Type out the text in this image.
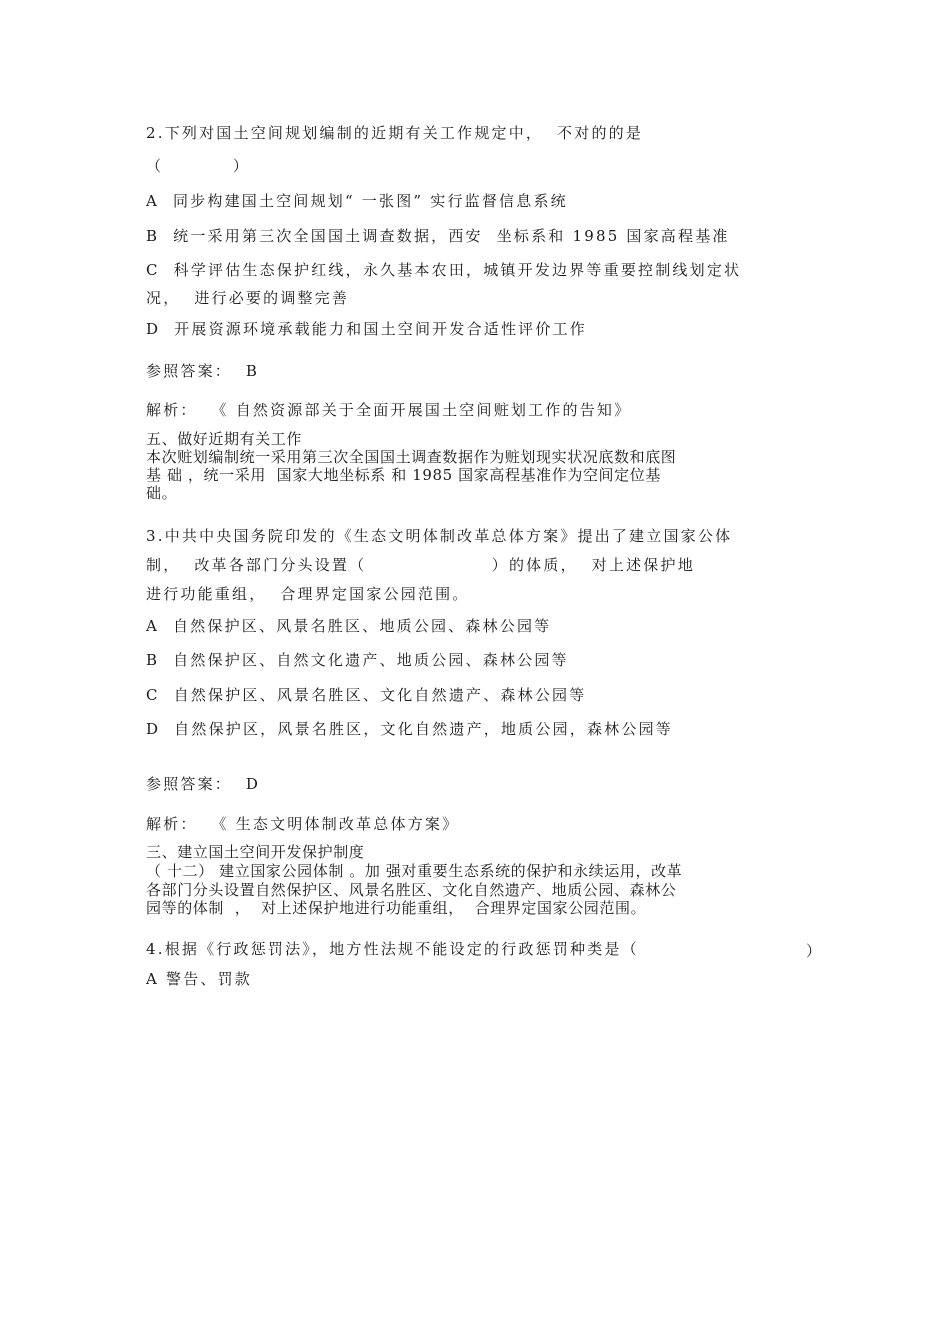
2.下列对国土空间规划编制的近期有关工作规定中，  不对的的是
（          ）
A  同步构建国土空间规划“ 一张图” 实行监督信息系统
B  统一采用第三次全国国土调查数据，西安  坐标系和 1985 国家高程基准
C  科学评估生态保护红线，永久基本农田，城镇开发边界等重要控制线划定状
况，  进行必要的调整完善
D  开展资源环境承载能力和国土空间开发合适性评价工作
参照答案：  B
解析：  《 自然资源部关于全面开展国土空间赃划工作的告知》
五、做好近期有关工作
本次赃划编制统一采用第三次全国国土调查数据作为赃划现实状况底数和底图
基 础 ，统一采用  国家大地坐标系 和 1985 国家高程基准作为空间定位基
础。
3.中共中央国务院印发的《生态文明体制改革总体方案》提出了建立国家公体
制，  改革各部门分头设置（                  ）的体质，  对上述保护地
进行功能重组，  合理界定国家公园范围。
A  自然保护区、风景名胜区、地质公园、森林公园等
B  自然保护区、自然文化遗产、地质公园、森林公园等
C  自然保护区、风景名胜区、文化自然遗产、森林公园等
D  自然保护区，风景名胜区，文化自然遗产，地质公园，森林公园等
参照答案：  D
解析：  《 生态文明体制改革总体方案》
三、建立国土空间开发保护制度
（ 十二） 建立国家公园体制 。加 强对重要生态系统的保护和永续运用，改革
各部门分头设置自然保护区、风景名胜区、文化自然遗产、地质公园、森林公
园等的体制  ，  对上述保护地进行功能重组，  合理界定国家公园范围。
4.根据《行政惩罚法》，地方性法规不能设定的行政惩罚种类是（	）
A 警告、罚款
